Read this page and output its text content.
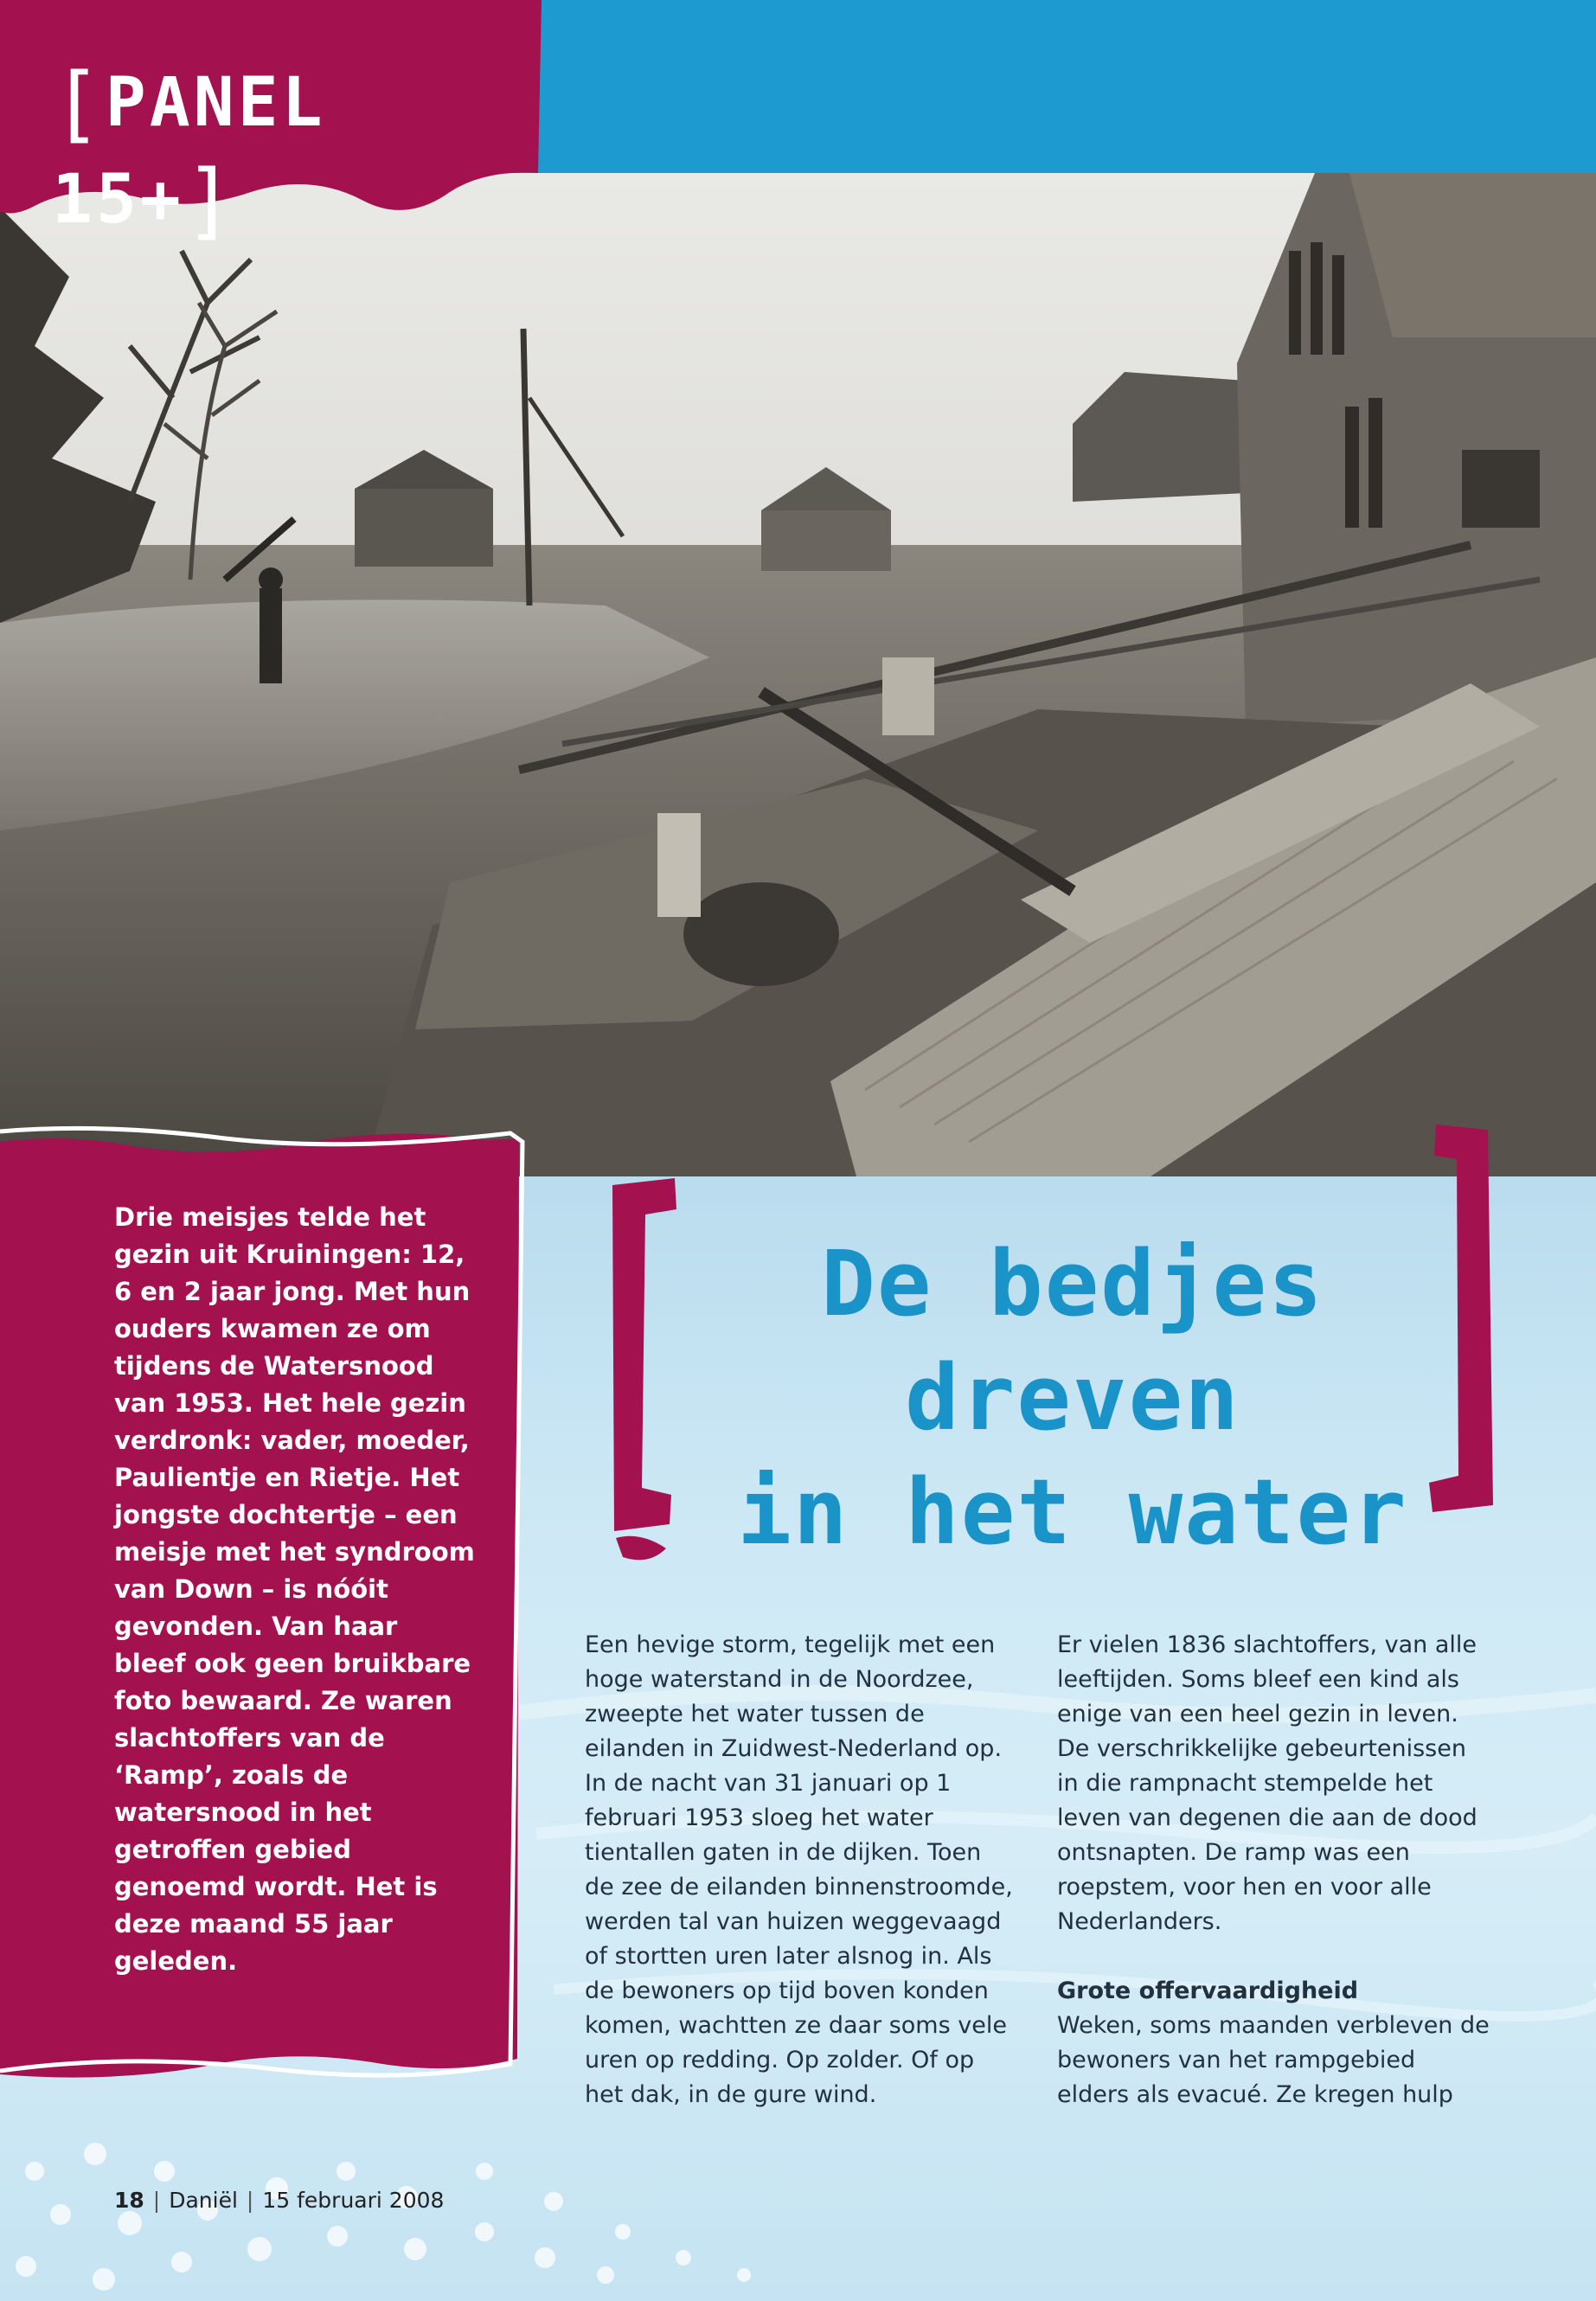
[PANEL 15+]

Drie meisjes telde het gezin uit Kruiningen: 12, 6 en 2 jaar jong. Met hun ouders kwamen ze om tijdens de Watersnood van 1953. Het hele gezin verdronk: vader, moeder, Paulientje en Rietje. Het jongste dochtertje – een meisje met het syndroom van Down – is nóóit gevonden. Van haar bleef ook geen bruikbare foto bewaard. Ze waren slachtoffers van de ‘Ramp’, zoals de watersnood in het getroffen gebied genoemd wordt. Het is deze maand 55 jaar geleden.

De bedjes dreven
in het water

Een hevige storm, tegelijk met een hoge waterstand in de Noordzee, zweepte het water tussen de eilanden in Zuidwest-Nederland op. In de nacht van 31 januari op 1 februari 1953 sloeg het water tientallen gaten in de dijken. Toen de zee de eilanden binnenstroomde, werden tal van huizen weggevaagd of stortten uren later alsnog in. Als de bewoners op tijd boven konden komen, wachtten ze daar soms vele uren op redding. Op zolder. Of op het dak, in de gure wind.

Er vielen 1836 slachtoffers, van alle leeftijden. Soms bleef een kind als enige van een heel gezin in leven. De verschrikkelijke gebeurtenissen in die rampnacht stempelde het leven van degenen die aan de dood ontsnapten. De ramp was een roepstem, voor hen en voor alle Nederlanders.

Grote offervaardigheid

Weken, soms maanden verbleven de bewoners van het rampgebied elders als evacué. Ze kregen hulp

18 | Daniël | 15 februari 2008
